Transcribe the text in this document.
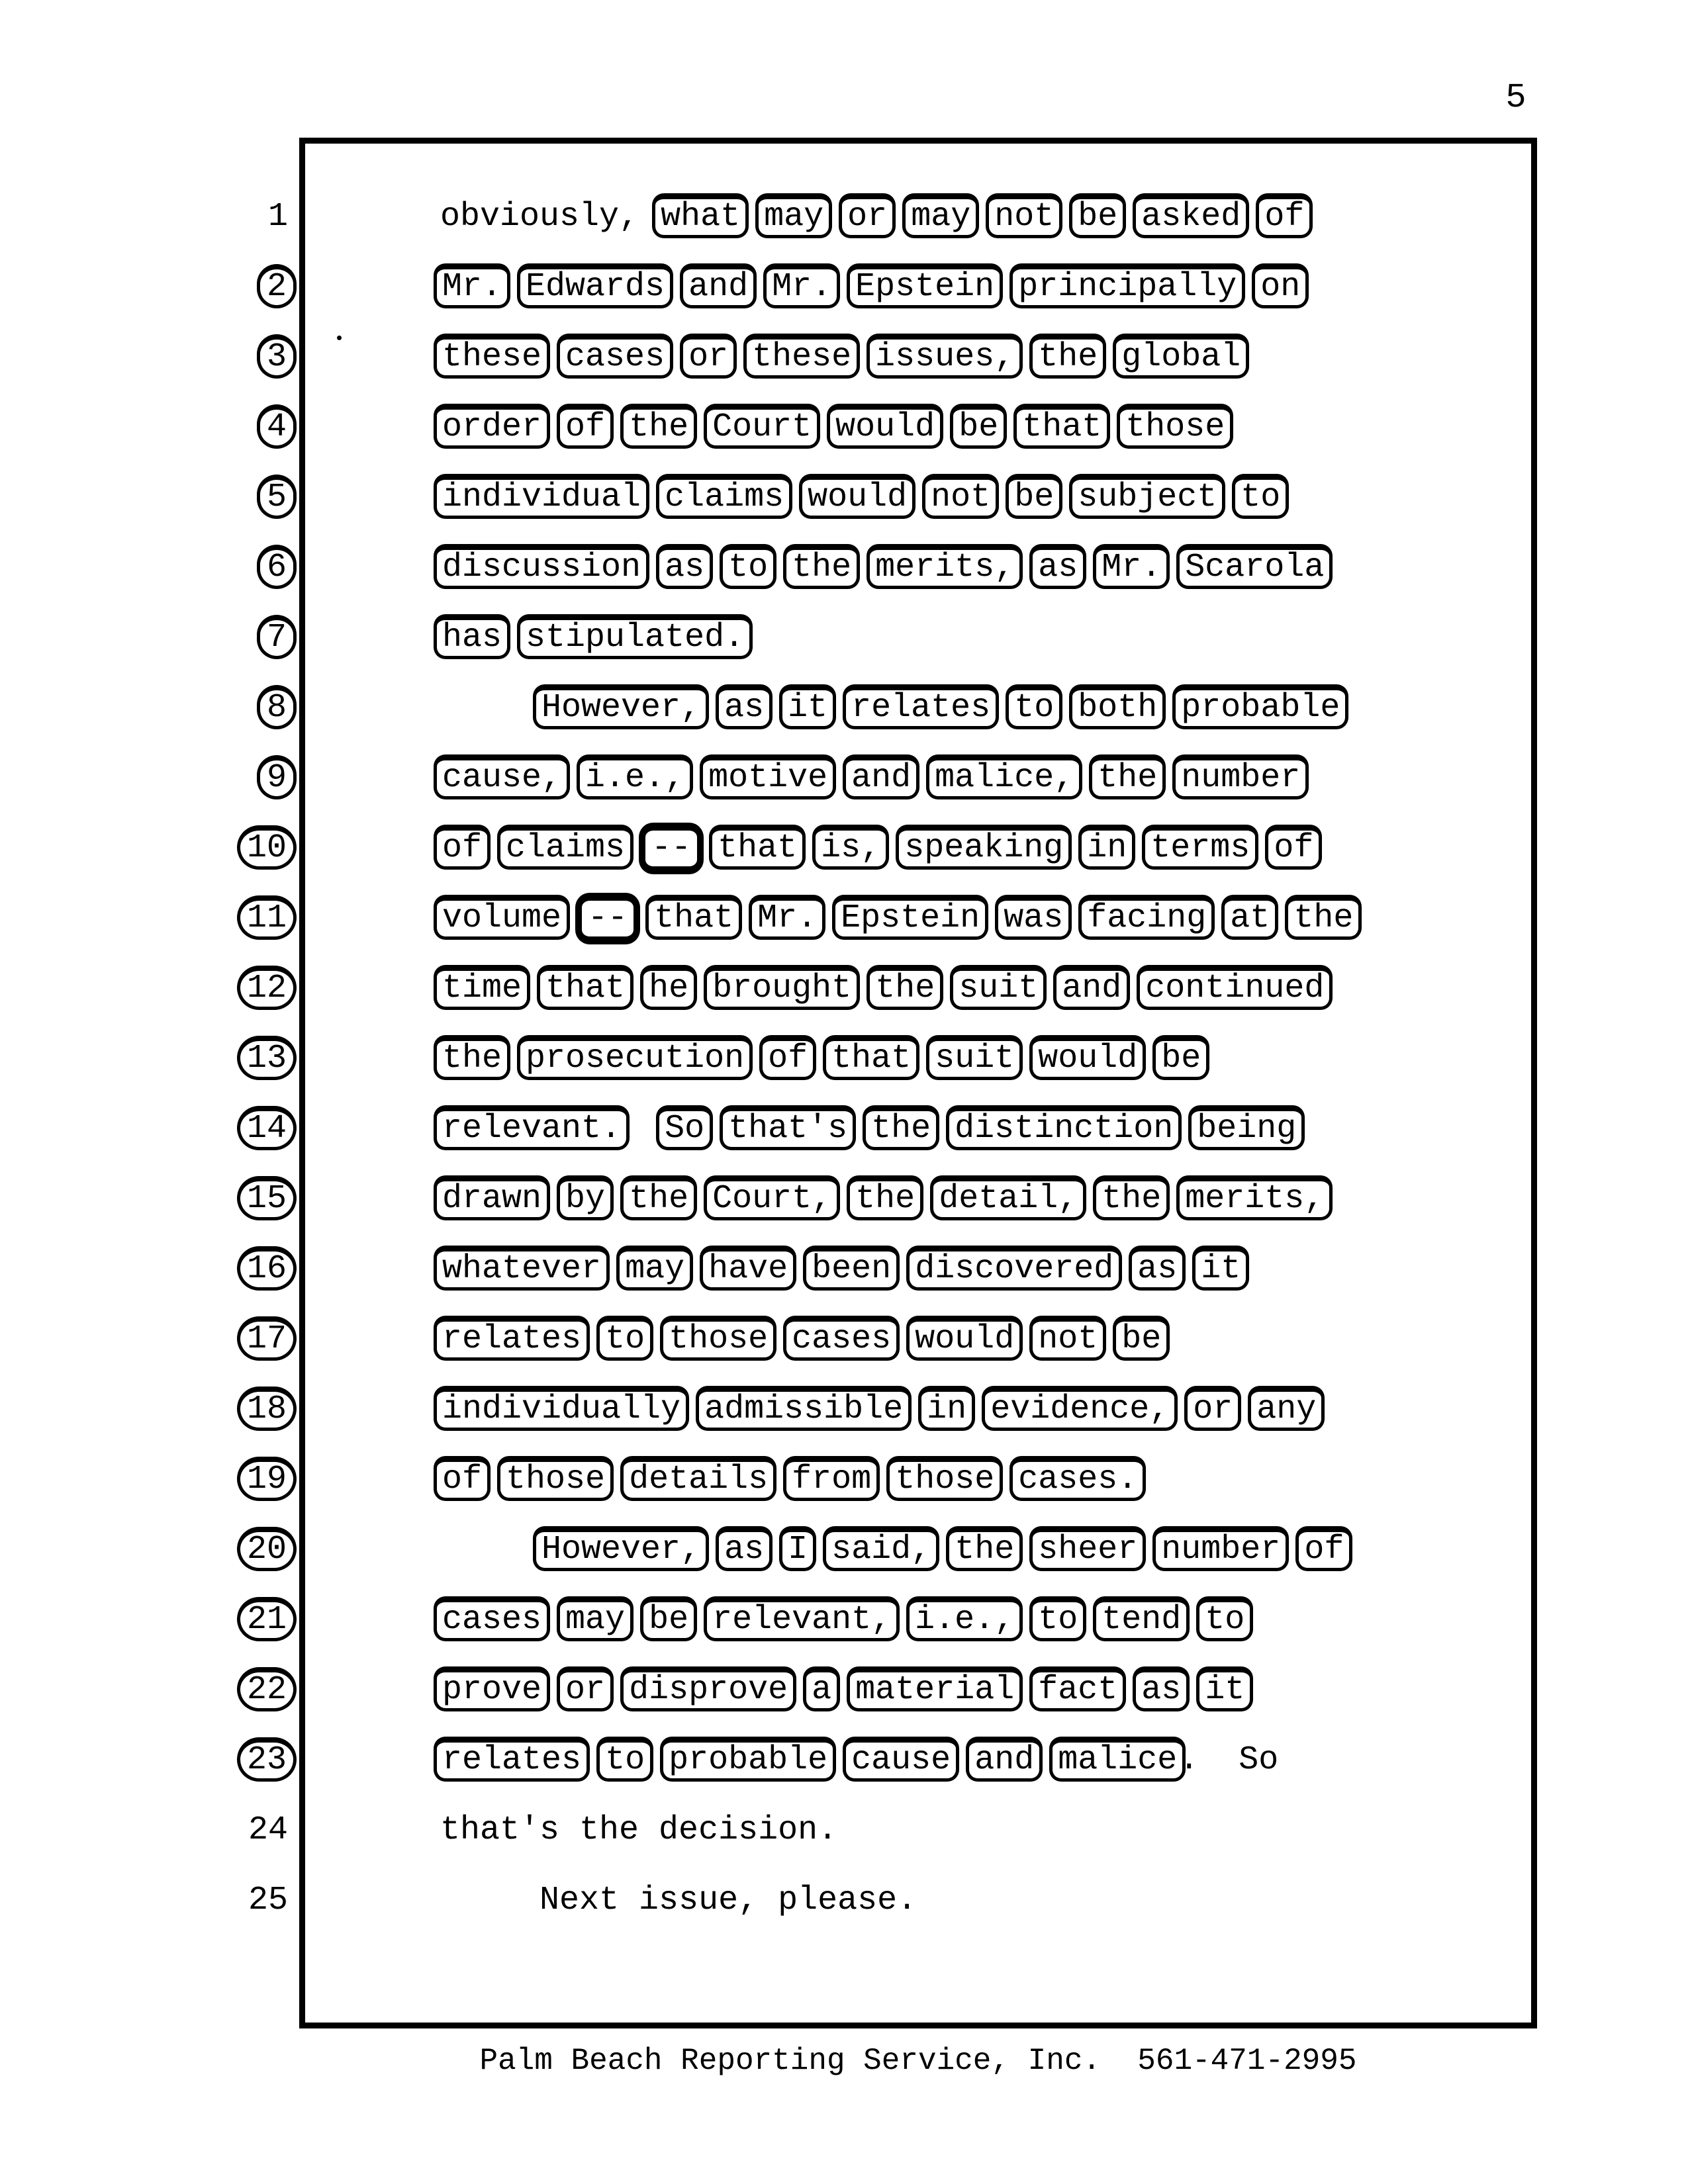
5
1	obviously, what may or may not be asked of
2	Mr. Edwards and Mr. Epstein principally on
3	these cases or these issues, the global
4	order of the Court would be that those
5	individual claims would not be subject to
6	discussion as to the merits, as Mr. Scarola
7	has stipulated.
8	However, as it relates to both probable
9	cause, i.e., motive and malice, the number
10	of claims -- that is, speaking in terms of
11	volume -- that Mr. Epstein was facing at the
12	time that he brought the suit and continued
13	the prosecution of that suit would be
14	relevant. So that's the distinction being
15	drawn by the Court, the detail, the merits,
16	whatever may have been discovered as it
17	relates to those cases would not be
18	individually admissible in evidence, or any
19	of those details from those cases.
20	However, as I said, the sheer number of
21	cases may be relevant, i.e., to tend to
22	prove or disprove a material fact as it
23	relates to probable cause and malice. So
24	that's the decision.
25	Next issue, please.
Palm Beach Reporting Service, Inc.  561-471-2995
